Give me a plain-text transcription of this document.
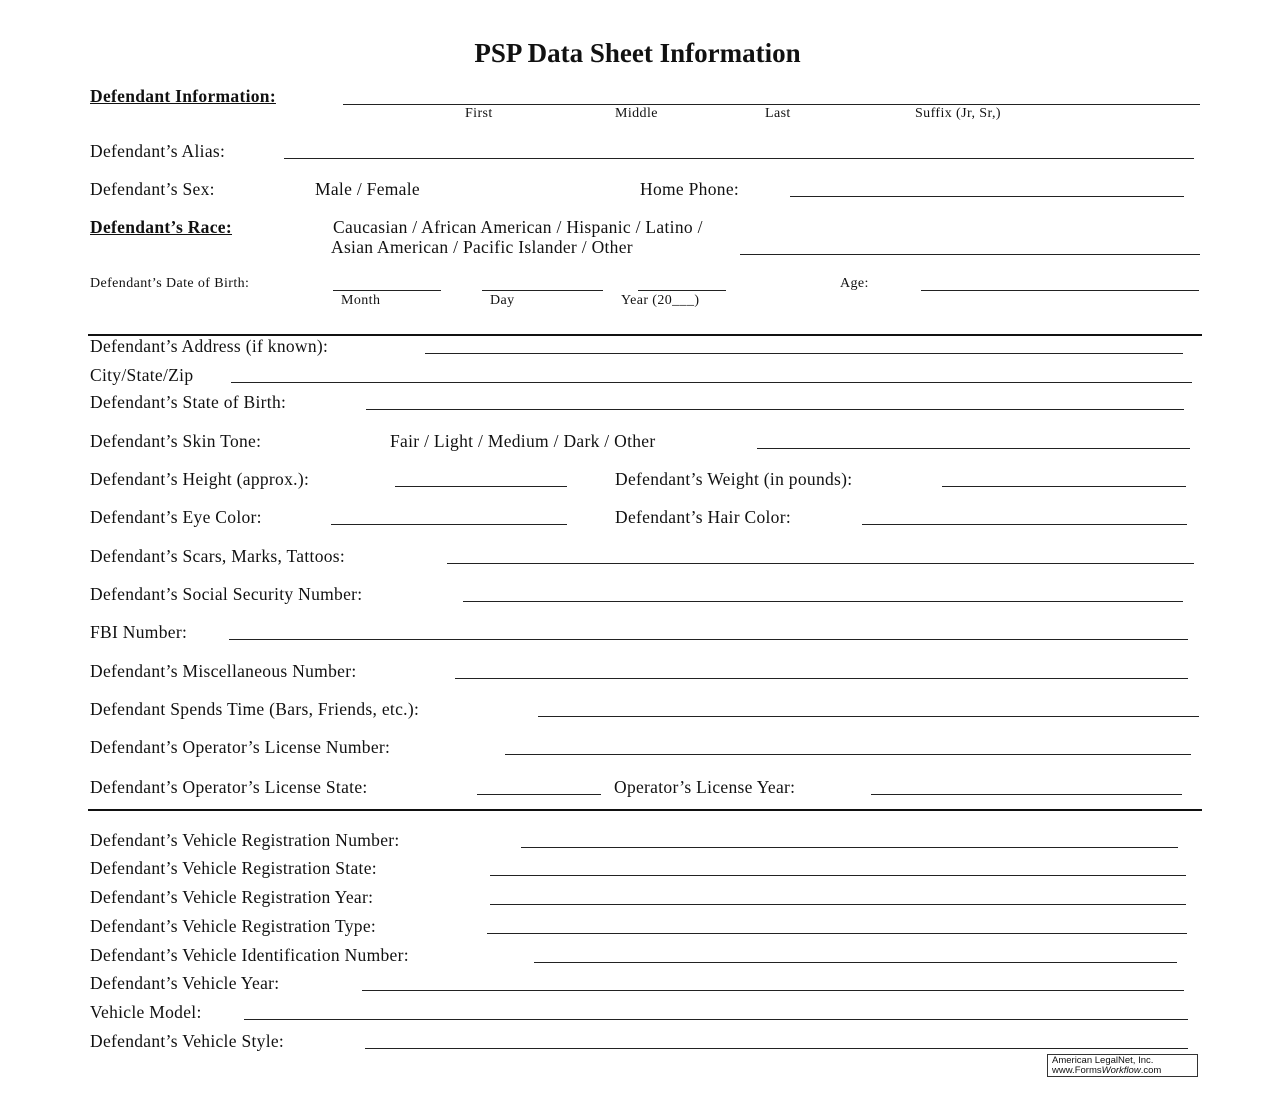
PSP Data Sheet Information
Defendant Information:
First	Middle	Last	Suffix (Jr, Sr,)
Defendant’s Alias:
Defendant’s Sex:	Male / Female	Home Phone:
Defendant’s Race:	Caucasian / African American / Hispanic / Latino /
Asian American / Pacific Islander / Other
Defendant’s Date of Birth:	Age:
Month	Day	Year (20___)
Defendant’s Address (if known):
City/State/Zip
Defendant’s State of Birth:
Defendant’s Skin Tone:	Fair / Light / Medium / Dark / Other
Defendant’s Height (approx.):	Defendant’s Weight (in pounds):
Defendant’s Eye Color:	Defendant’s Hair Color:
Defendant’s Scars, Marks, Tattoos:
Defendant’s Social Security Number:
FBI Number:
Defendant’s Miscellaneous Number:
Defendant Spends Time (Bars, Friends, etc.):
Defendant’s Operator’s License Number:
Defendant’s Operator’s License State:	Operator’s License Year:
Defendant’s Vehicle Registration Number:
Defendant’s Vehicle Registration State:
Defendant’s Vehicle Registration Year:
Defendant’s Vehicle Registration Type:
Defendant’s Vehicle Identification Number:
Defendant’s Vehicle Year:
Vehicle Model:
Defendant’s Vehicle Style:
American LegalNet, Inc.
www.FormsWorkflow.com
